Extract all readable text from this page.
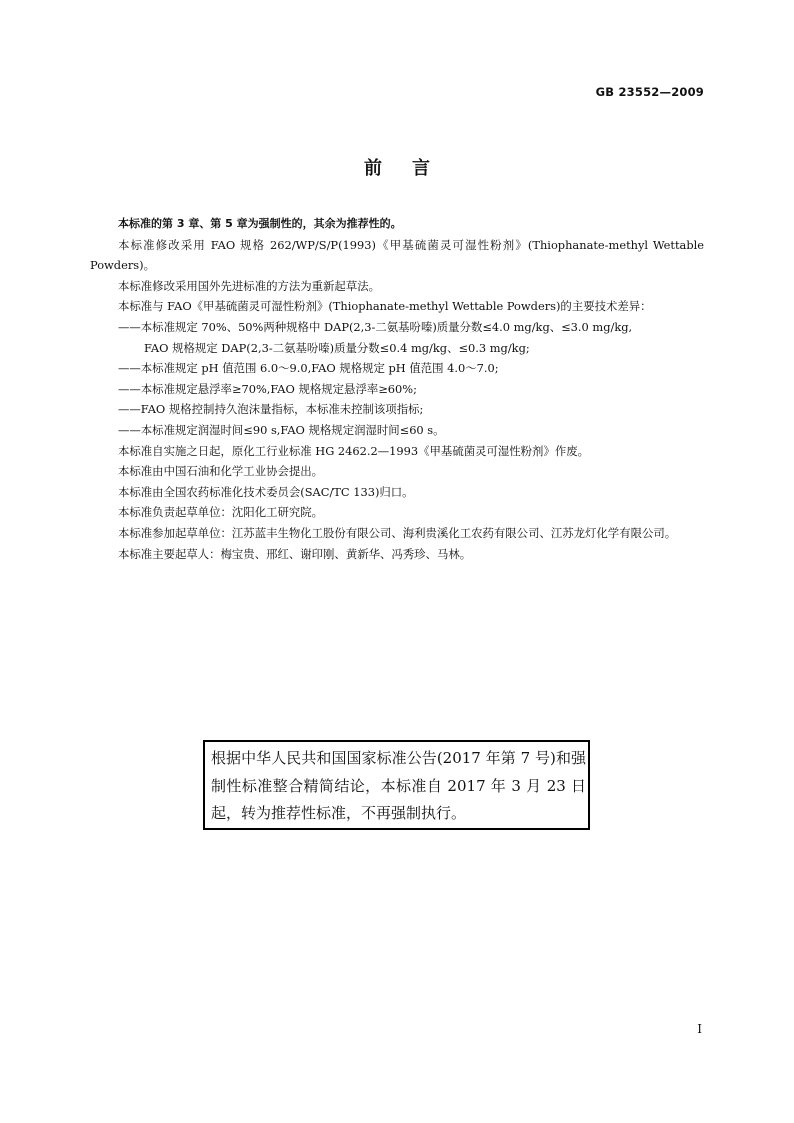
GB 23552—2009
前言

本标准的第 3 章、第 5 章为强制性的，其余为推荐性的。

本标准修改采用 FAO 规格 262/WP/S/P(1993)《甲基硫菌灵可湿性粉剂》(Thiophanate-methyl Wettable Powders)。

本标准修改采用国外先进标准的方法为重新起草法。

本标准与 FAO《甲基硫菌灵可湿性粉剂》(Thiophanate-methyl Wettable Powders)的主要技术差异：

——本标准规定 70%、50%两种规格中 DAP(2,3-二氨基吩嗪)质量分数≤4.0 mg/kg、≤3.0 mg/kg,

FAO 规格规定 DAP(2,3-二氨基吩嗪)质量分数≤0.4 mg/kg、≤0.3 mg/kg;

——本标准规定 pH 值范围 6.0～9.0,FAO 规格规定 pH 值范围 4.0～7.0;

——本标准规定悬浮率≥70%,FAO 规格规定悬浮率≥60%;

——FAO 规格控制持久泡沫量指标，本标准未控制该项指标;

——本标准规定润湿时间≤90 s,FAO 规格规定润湿时间≤60 s。

本标准自实施之日起，原化工行业标准 HG 2462.2—1993《甲基硫菌灵可湿性粉剂》作废。

本标准由中国石油和化学工业协会提出。

本标准由全国农药标准化技术委员会(SAC/TC 133)归口。

本标准负责起草单位：沈阳化工研究院。

本标准参加起草单位：江苏蓝丰生物化工股份有限公司、海利贵溪化工农药有限公司、江苏龙灯化学有限公司。

本标准主要起草人：梅宝贵、邢红、谢印刚、黄新华、冯秀珍、马林。

根据中华人民共和国国家标准公告(2017 年第 7 号)和强制性标准整合精简结论，本标准自 2017 年 3 月 23 日起，转为推荐性标准，不再强制执行。
I
